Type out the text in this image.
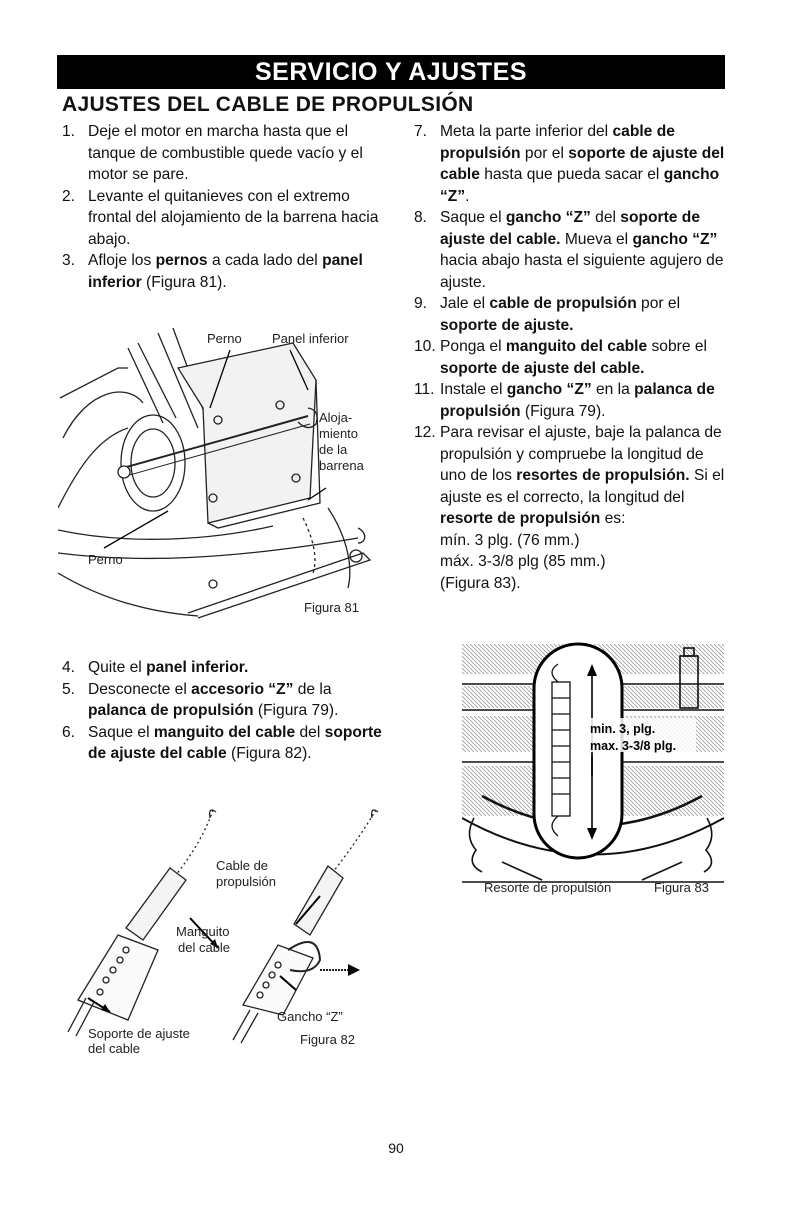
SERVICIO Y AJUSTES
AJUSTES DEL CABLE DE PROPULSIÓN
1. Deje el motor en marcha hasta que el tanque de combustible quede vacío y el motor se pare.
2. Levante el quitanieves con el extremo frontal del alojamiento de la barrena hacia abajo.
3. Afloje los pernos a cada lado del panel inferior (Figura 81).
Perno Panel inferior
Aloja-
miento
de la
barrena
Perno
Figura 81
4. Quite el panel inferior.
5. Desconecte el accesorio “Z” de la palanca de propulsión (Figura 79).
6. Saque el manguito del cable del soporte de ajuste del cable (Figura 82).
Cable de
propulsión
Manguito
del cable
Gancho “Z”
Soporte de ajuste
del cable
Figura 82
7. Meta la parte inferior del cable de propulsión por el soporte de ajuste del cable hasta que pueda sacar el gancho “Z”.
8. Saque el gancho “Z” del soporte de ajuste del cable. Mueva el gancho “Z” hacia abajo hasta el siguiente agujero de ajuste.
9. Jale el cable de propulsión por el soporte de ajuste.
10. Ponga el manguito del cable sobre el soporte de ajuste del cable.
11. Instale el gancho “Z” en la palanca de propulsión (Figura 79).
12. Para revisar el ajuste, baje la palanca de propulsión y compruebe la longitud de uno de los resortes de propulsión. Si el ajuste es el correcto, la longitud del resorte de propulsión es:
mín. 3 plg. (76 mm.)
máx. 3-3/8 plg (85 mm.)
(Figura 83).
min. 3, plg.
max. 3-3/8 plg.
Resorte de propulsión	Figura 83
90
